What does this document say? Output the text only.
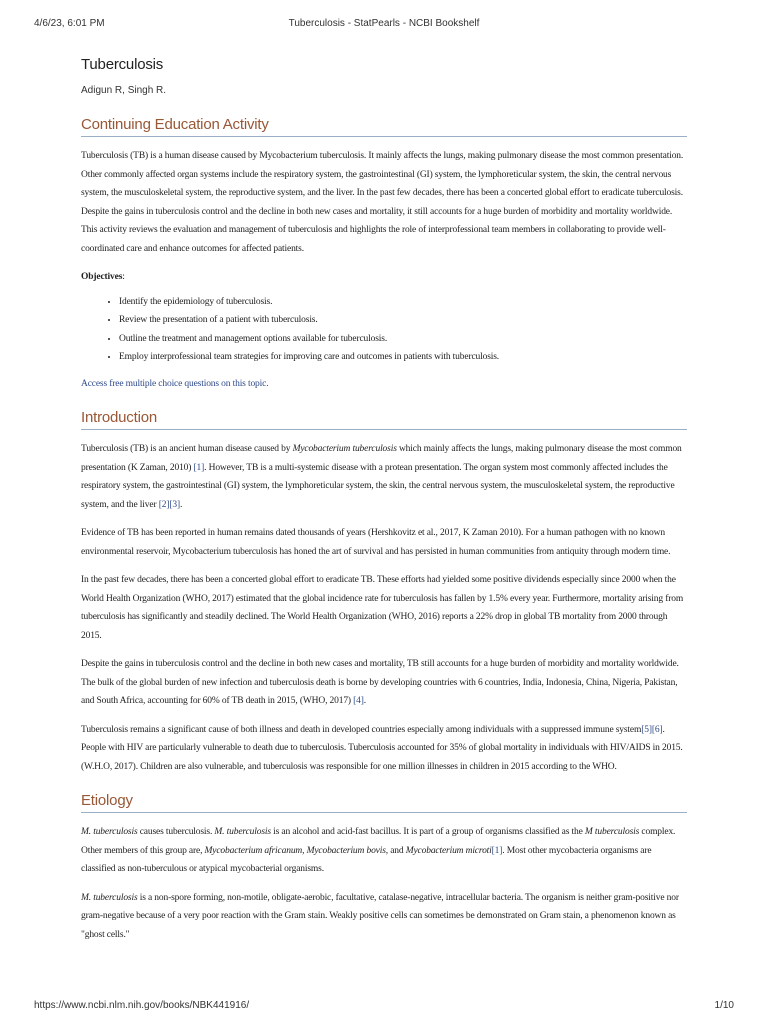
4/6/23, 6:01 PM	Tuberculosis - StatPearls - NCBI Bookshelf
Tuberculosis
Adigun R, Singh R.
Continuing Education Activity

Tuberculosis (TB) is a human disease caused by Mycobacterium tuberculosis. It mainly affects the lungs, making pulmonary disease the most common presentation. Other commonly affected organ systems include the respiratory system, the gastrointestinal (GI) system, the lymphoreticular system, the skin, the central nervous system, the musculoskeletal system, the reproductive system, and the liver. In the past few decades, there has been a concerted global effort to eradicate tuberculosis. Despite the gains in tuberculosis control and the decline in both new cases and mortality, it still accounts for a huge burden of morbidity and mortality worldwide. This activity reviews the evaluation and management of tuberculosis and highlights the role of interprofessional team members in collaborating to provide well-coordinated care and enhance outcomes for affected patients.

Objectives:

• Identify the epidemiology of tuberculosis.
• Review the presentation of a patient with tuberculosis.
• Outline the treatment and management options available for tuberculosis.
• Employ interprofessional team strategies for improving care and outcomes in patients with tuberculosis.

Access free multiple choice questions on this topic.

Introduction

Tuberculosis (TB) is an ancient human disease caused by Mycobacterium tuberculosis which mainly affects the lungs, making pulmonary disease the most common presentation (K Zaman, 2010) [1]. However, TB is a multi-systemic disease with a protean presentation. The organ system most commonly affected includes the respiratory system, the gastrointestinal (GI) system, the lymphoreticular system, the skin, the central nervous system, the musculoskeletal system, the reproductive system, and the liver [2][3].

Evidence of TB has been reported in human remains dated thousands of years (Hershkovitz et al., 2017, K Zaman 2010). For a human pathogen with no known environmental reservoir, Mycobacterium tuberculosis has honed the art of survival and has persisted in human communities from antiquity through modern time.

In the past few decades, there has been a concerted global effort to eradicate TB. These efforts had yielded some positive dividends especially since 2000 when the World Health Organization (WHO, 2017) estimated that the global incidence rate for tuberculosis has fallen by 1.5% every year. Furthermore, mortality arising from tuberculosis has significantly and steadily declined. The World Health Organization (WHO, 2016) reports a 22% drop in global TB mortality from 2000 through 2015.

Despite the gains in tuberculosis control and the decline in both new cases and mortality, TB still accounts for a huge burden of morbidity and mortality worldwide. The bulk of the global burden of new infection and tuberculosis death is borne by developing countries with 6 countries, India, Indonesia, China, Nigeria, Pakistan, and South Africa, accounting for 60% of TB death in 2015, (WHO, 2017) [4].

Tuberculosis remains a significant cause of both illness and death in developed countries especially among individuals with a suppressed immune system[5][6]. People with HIV are particularly vulnerable to death due to tuberculosis. Tuberculosis accounted for 35% of global mortality in individuals with HIV/AIDS in 2015. (W.H.O, 2017). Children are also vulnerable, and tuberculosis was responsible for one million illnesses in children in 2015 according to the WHO.

Etiology

M. tuberculosis causes tuberculosis. M. tuberculosis is an alcohol and acid-fast bacillus. It is part of a group of organisms classified as the M tuberculosis complex. Other members of this group are, Mycobacterium africanum, Mycobacterium bovis, and Mycobacterium microti[1]. Most other mycobacteria organisms are classified as non-tuberculous or atypical mycobacterial organisms.

M. tuberculosis is a non-spore forming, non-motile, obligate-aerobic, facultative, catalase-negative, intracellular bacteria. The organism is neither gram-positive nor gram-negative because of a very poor reaction with the Gram stain. Weakly positive cells can sometimes be demonstrated on Gram stain, a phenomenon known as "ghost cells."

https://www.ncbi.nlm.nih.gov/books/NBK441916/	1/10
